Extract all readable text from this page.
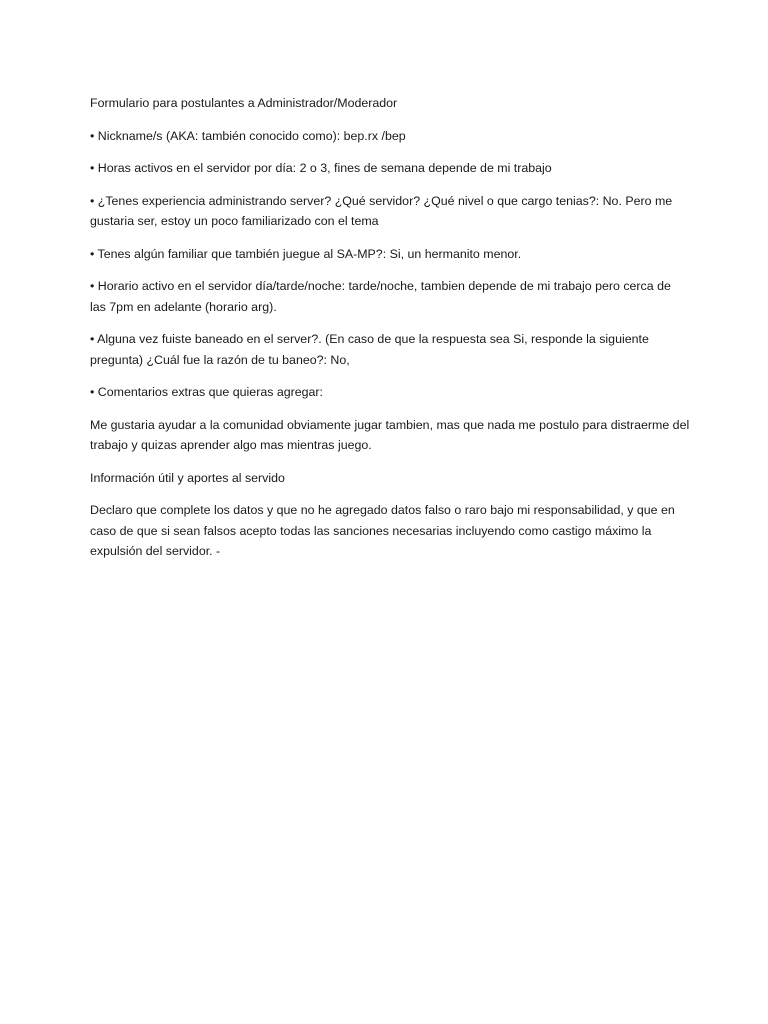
Formulario para postulantes a Administrador/Moderador

• Nickname/s (AKA: también conocido como): bep.rx /bep

• Horas activos en el servidor por día: 2 o 3, fines de semana depende de mi trabajo

• ¿Tenes experiencia administrando server? ¿Qué servidor? ¿Qué nivel o que cargo tenias?: No. Pero me gustaria ser, estoy un poco familiarizado con el tema

• Tenes algún familiar que también juegue al SA-MP?: Si, un hermanito menor.

• Horario activo en el servidor día/tarde/noche: tarde/noche, tambien depende de mi trabajo pero cerca de las 7pm en adelante (horario arg).

• Alguna vez fuiste baneado en el server?. (En caso de que la respuesta sea Si, responde la siguiente pregunta) ¿Cuál fue la razón de tu baneo?: No,

• Comentarios extras que quieras agregar:

Me gustaria ayudar a la comunidad obviamente jugar tambien, mas que nada me postulo para distraerme del trabajo y quizas aprender algo mas mientras juego.

Información útil y aportes al servido

Declaro que complete los datos y que no he agregado datos falso o raro bajo mi responsabilidad, y que en caso de que si sean falsos acepto todas las sanciones necesarias incluyendo como castigo máximo la expulsión del servidor. -
